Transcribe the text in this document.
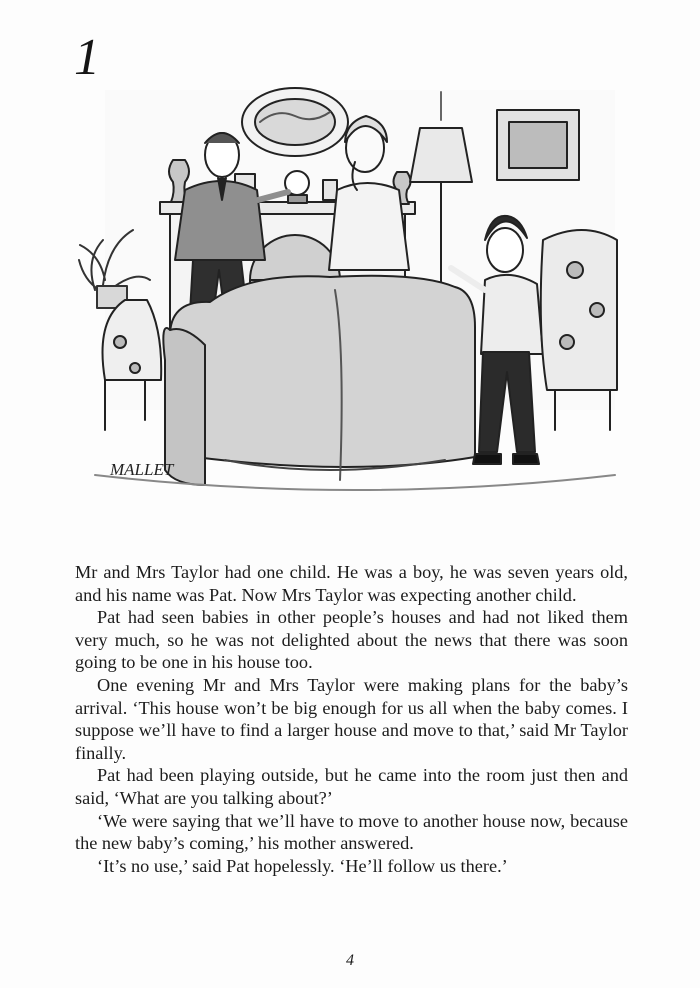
1
MALLET

Mr and Mrs Taylor had one child. He was a boy, he was seven years old, and his name was Pat. Now Mrs Taylor was expecting another child.

Pat had seen babies in other people’s houses and had not liked them very much, so he was not delighted about the news that there was soon going to be one in his house too.

One evening Mr and Mrs Taylor were making plans for the baby’s arrival. ‘This house won’t be big enough for us all when the baby comes. I suppose we’ll have to find a larger house and move to that,’ said Mr Taylor finally.

Pat had been playing outside, but he came into the room just then and said, ‘What are you talking about?’

‘We were saying that we’ll have to move to another house now, because the new baby’s coming,’ his mother answered.

‘It’s no use,’ said Pat hopelessly. ‘He’ll follow us there.’

4
